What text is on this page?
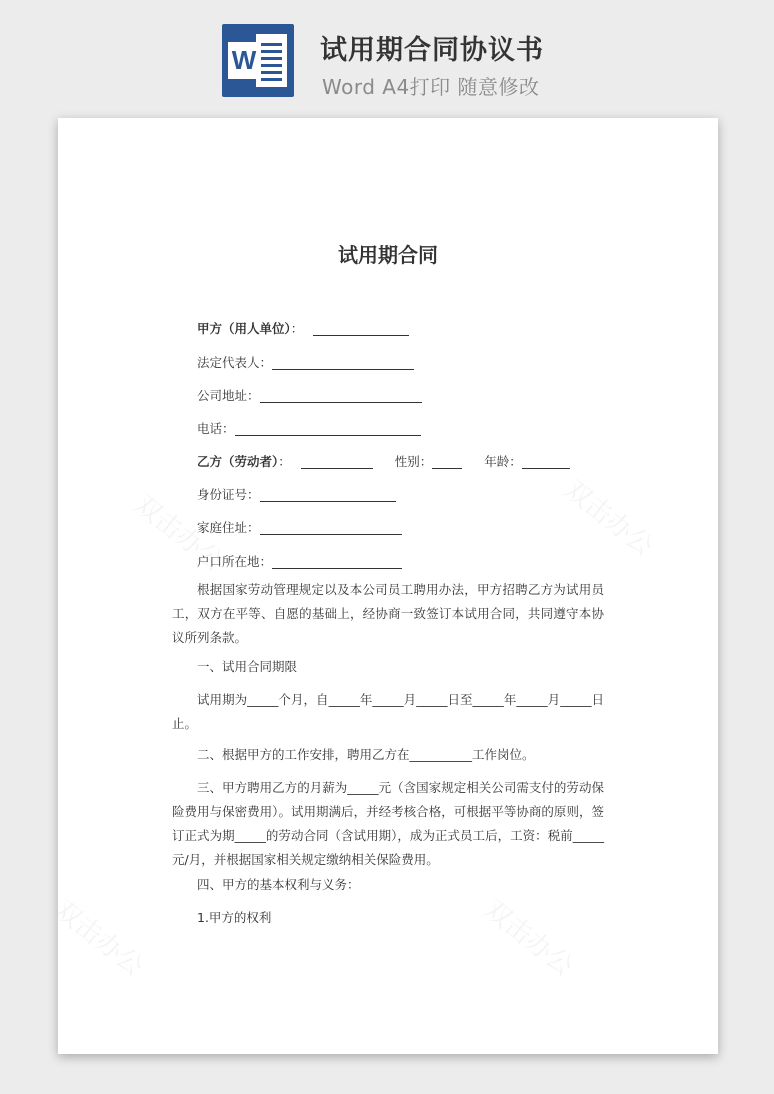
W 试用期合同协议书
Word A4打印 随意修改
试用期合同
甲方（用人单位）：
法定代表人：
公司地址：
电话：
乙方（劳动者）：	性别：	年龄：
身份证号：
家庭住址：
户口所在地：
根据国家劳动管理规定以及本公司员工聘用办法，甲方招聘乙方为试用员工，双方在平等、自愿的基础上，经协商一致签订本试用合同，共同遵守本协议所列条款。
一、试用合同期限
试用期为_____个月，自_____年_____月_____日至_____年_____月_____日止。
二、根据甲方的工作安排，聘用乙方在__________工作岗位。
三、甲方聘用乙方的月薪为_____元（含国家规定相关公司需支付的劳动保险费用与保密费用）。试用期满后，并经考核合格，可根据平等协商的原则，签订正式为期_____的劳动合同（含试用期），成为正式员工后，工资：税前_____元/月，并根据国家相关规定缴纳相关保险费用。
四、甲方的基本权利与义务：
1.甲方的权利
